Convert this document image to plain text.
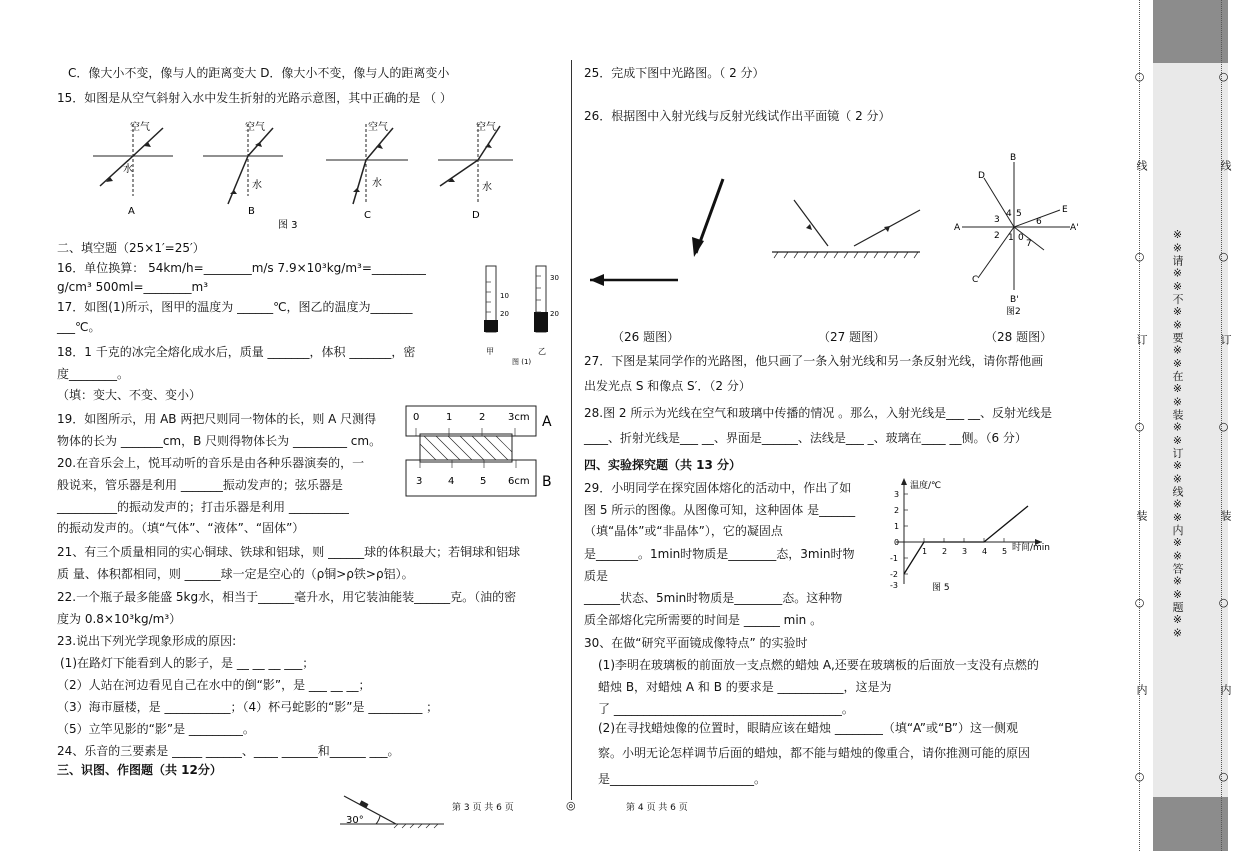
C．像大小不变，像与人的距离变大 D．像大小不变，像与人的距离变小
15．如图是从空气斜射入水中发生折射的光路示意图，其中正确的是 （ ）
空气	空气	空气	空气
水
水	水	水
A	B	C	D
图 3
二、填空题（25×1′=25′）
16．单位换算： 54km/h=________m/s 7.9×10³kg/m³=_________
g/cm³ 500ml=________m³
17．如图(1)所示，图甲的温度为 ______℃，图乙的温度为_______
___℃。
10
20
30
20
甲	乙
图 (1)
18．1 千克的冰完全熔化成水后，质量 _______，体积 _______，密
度________。
（填：变大、不变、变小）
19．如图所示，用 AB 两把尺则同一物体的长，则 A 尺测得
物体的长为 _______cm，B 尺则得物体长为 _________ cm。
0	1	2 3cm
3	4	5 6cm
A
B
20.在音乐会上，悦耳动听的音乐是由各种乐器演奏的，一
般说来，管乐器是利用 _______振动发声的；弦乐器是
__________的振动发声的；打击乐器是利用 __________
的振动发声的。（填“气体”、“液体”、“固体”）
21、有三个质量相同的实心铜球、铁球和铝球，则 ______球的体积最大；若铜球和铝球
质 量、体积都相同，则 ______球一定是空心的（ρ铜>ρ铁>ρ铝）。
22.一个瓶子最多能盛 5kg水，相当于______毫升水，用它装油能装______克。（油的密
度为 0.8×10³kg/m³）
23.说出下列光学现象形成的原因:
(1)在路灯下能看到人的影子，是 __ __ __ ___；
（2）人站在河边看见自己在水中的倒“影”，是 ___ __ __；
（3）海市蜃楼，是 ___________；（4）杯弓蛇影的“影”是 _________ ；
（5）立竿见影的“影”是 _________。
24、乐音的三要素是 _____ ______、____ ______和______ ___。
三、识图、作图题（共 12分）
30°
25．完成下图中光路图。（ 2 分）
26．根据图中入射光线与反射光线试作出平面镜（ 2 分）
B
D
A
3
4 5
6
E
2 1 0
7
A'
C
B'
图2
（26 题图）	（27 题图）	（28 题图）
27．下图是某同学作的光路图，他只画了一条入射光线和另一条反射光线，请你帮他画
出发光点 S 和像点 S′．（2 分）
28.图 2 所示为光线在空气和玻璃中传播的情况 。那么，入射光线是___ __、反射光线是
____、折射光线是___ __、界面是______、法线是___ _、玻璃在____ __侧。（6 分）
四、实验探究题（共 13 分）
29．小明同学在探究固体熔化的活动中，作出了如
图 5 所示的图像。从图像可知，这种固体 是______
（填“晶体”或“非晶体”），它的凝固点
是_______。1min时物质是________态，3min时物
质是
______状态、5min时物质是________态。这种物
质全部熔化完所需要的时间是 ______ min 。
温度/℃
时间/min
3
2
1
0
-1
-2
-3
1 2 3 4 5
图 5
30、在做“研究平面镜成像特点” 的实验时
(1)李明在玻璃板的前面放一支点燃的蜡烛 A,还要在玻璃板的后面放一支没有点燃的
蜡烛 B，对蜡烛 A 和 B 的要求是 ___________，这是为
了 ______________________________________。
(2)在寻找蜡烛像的位置时，眼睛应该在蜡烛 ________（填“A”或“B”）这一侧观
察。小明无论怎样调节后面的蜡烛，都不能与蜡烛的像重合，请你推测可能的原因
是________________________。
第 3 页 共 6 页	◎	第 4 页 共 6 页
○
线
○
订
○
装
○
内
○
※※请※※不※※要※※在※※装※※订※※线※※内※※答※※题※※
○
线
○
订
○
装
○
内
○
